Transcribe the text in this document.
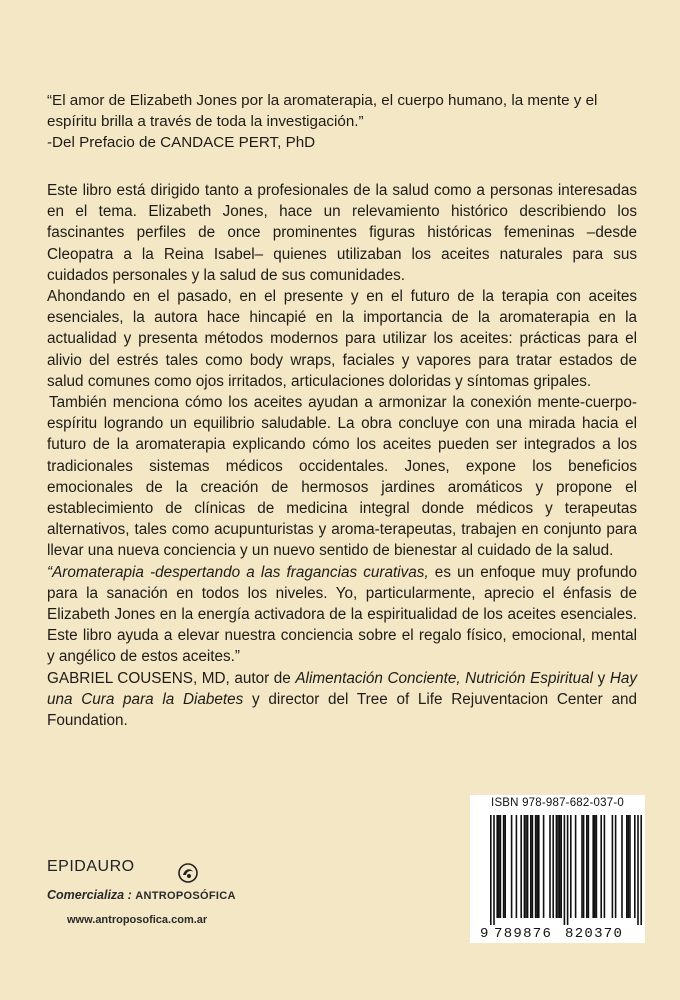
“El amor de Elizabeth Jones por la aromaterapia, el cuerpo humano, la mente y el espíritu brilla a través de toda la investigación.”

-Del Prefacio de CANDACE PERT, PhD

Este libro está dirigido tanto a profesionales de la salud como a personas interesadas en el tema. Elizabeth Jones, hace un relevamiento histórico describiendo los fascinantes perfiles de once prominentes figuras históricas femeninas –desde Cleopatra a la Reina Isabel– quienes utilizaban los aceites naturales para sus cuidados personales y la salud de sus comunidades.

Ahondando en el pasado, en el presente y en el futuro de la terapia con aceites esenciales, la autora hace hincapié en la importancia de la aromaterapia en la actualidad y presenta métodos modernos para utilizar los aceites: prácticas para el alivio del estrés tales como body wraps, faciales y vapores para tratar estados de salud comunes como ojos irritados, articulaciones doloridas y síntomas gripales.

También menciona cómo los aceites ayudan a armonizar la conexión mente-cuerpo-espíritu logrando un equilibrio saludable. La obra concluye con una mirada hacia el futuro de la aromaterapia explicando cómo los aceites pueden ser integrados a los tradicionales sistemas médicos occidentales. Jones, expone los beneficios emocionales de la creación de hermosos jardines aromáticos y propone el establecimiento de clínicas de medicina integral donde médicos y terapeutas alternativos, tales como acupunturistas y aroma-terapeutas, trabajen en conjunto para llevar una nueva conciencia y un nuevo sentido de bienestar al cuidado de la salud.

“Aromaterapia -despertando a las fragancias curativas, es un enfoque muy profundo para la sanación en todos los niveles. Yo, particularmente, aprecio el énfasis de Elizabeth Jones en la energía activadora de la espiritualidad de los aceites esenciales. Este libro ayuda a elevar nuestra conciencia sobre el regalo físico, emocional, mental y angélico de estos aceites.”

GABRIEL COUSENS, MD, autor de Alimentación Conciente, Nutrición Espiritual y Hay una Cura para la Diabetes y director del Tree of Life Rejuventacion Center and Foundation.

EPIDAURO
Comercializa : ANTROPOSÓFICA
www.antroposofica.com.ar
ISBN 978-987-682-037-0
9 789876 820370
